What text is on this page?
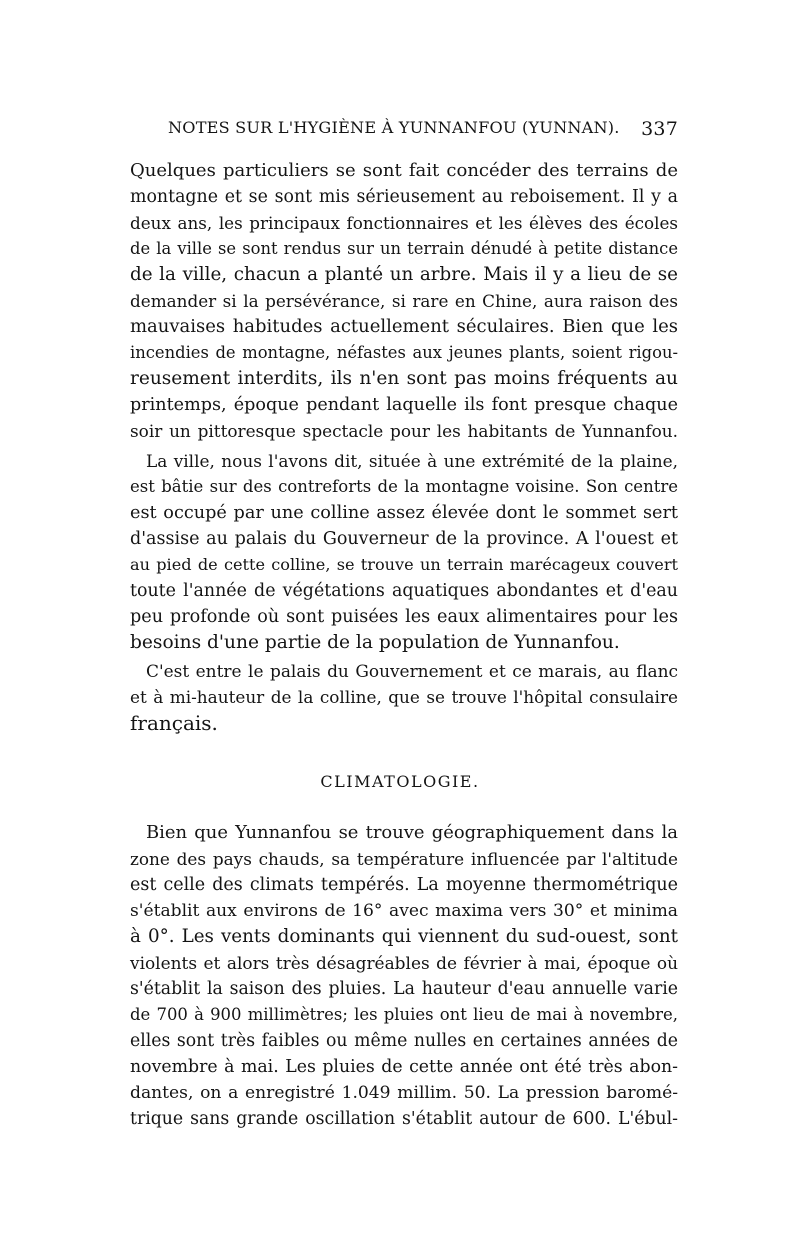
NOTES SUR L'HYGIÈNE À YUNNANFOU (YUNNAN). 337
Quelques particuliers se sont fait concéder des terrains de
montagne et se sont mis sérieusement au reboisement. Il y a
deux ans, les principaux fonctionnaires et les élèves des écoles
de la ville se sont rendus sur un terrain dénudé à petite distance
de la ville, chacun a planté un arbre. Mais il y a lieu de se
demander si la persévérance, si rare en Chine, aura raison des
mauvaises habitudes actuellement séculaires. Bien que les
incendies de montagne, néfastes aux jeunes plants, soient rigou-
reusement interdits, ils n'en sont pas moins fréquents au
printemps, époque pendant laquelle ils font presque chaque
soir un pittoresque spectacle pour les habitants de Yunnanfou.
La ville, nous l'avons dit, située à une extrémité de la plaine,
est bâtie sur des contreforts de la montagne voisine. Son centre
est occupé par une colline assez élevée dont le sommet sert
d'assise au palais du Gouverneur de la province. A l'ouest et
au pied de cette colline, se trouve un terrain marécageux couvert
toute l'année de végétations aquatiques abondantes et d'eau
peu profonde où sont puisées les eaux alimentaires pour les
besoins d'une partie de la population de Yunnanfou.
C'est entre le palais du Gouvernement et ce marais, au flanc
et à mi-hauteur de la colline, que se trouve l'hôpital consulaire
français.
Bien que Yunnanfou se trouve géographiquement dans la
zone des pays chauds, sa température influencée par l'altitude
est celle des climats tempérés. La moyenne thermométrique
s'établit aux environs de 16° avec maxima vers 30° et minima
à 0°. Les vents dominants qui viennent du sud-ouest, sont
violents et alors très désagréables de février à mai, époque où
s'établit la saison des pluies. La hauteur d'eau annuelle varie
de 700 à 900 millimètres; les pluies ont lieu de mai à novembre,
elles sont très faibles ou même nulles en certaines années de
novembre à mai. Les pluies de cette année ont été très abon-
dantes, on a enregistré 1.049 millim. 50. La pression baromé-
trique sans grande oscillation s'établit autour de 600. L'ébul-
CLIMATOLOGIE.
